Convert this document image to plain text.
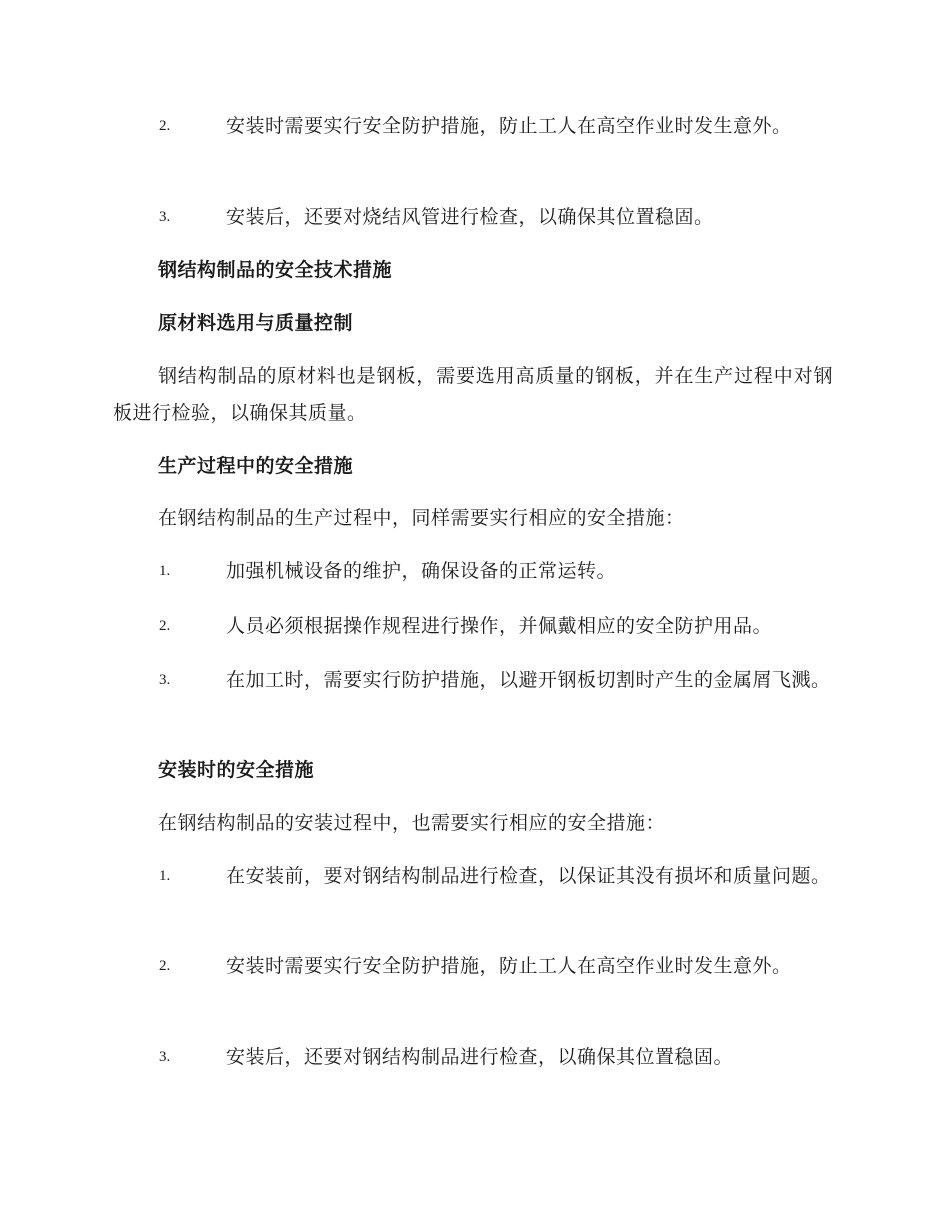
2.	安装时需要实行安全防护措施，防止工人在高空作业时发生意外。
3.	安装后，还要对烧结风管进行检查，以确保其位置稳固。
钢结构制品的安全技术措施
原材料选用与质量控制
钢结构制品的原材料也是钢板，需要选用高质量的钢板，并在生产过程中对钢板进行检验，以确保其质量。
生产过程中的安全措施
在钢结构制品的生产过程中，同样需要实行相应的安全措施：
1.	加强机械设备的维护，确保设备的正常运转。
2.	人员必须根据操作规程进行操作，并佩戴相应的安全防护用品。
3.	在加工时，需要实行防护措施，以避开钢板切割时产生的金属屑飞溅。
安装时的安全措施
在钢结构制品的安装过程中，也需要实行相应的安全措施：
1.	在安装前，要对钢结构制品进行检查，以保证其没有损坏和质量问题。
2.	安装时需要实行安全防护措施，防止工人在高空作业时发生意外。
3.	安装后，还要对钢结构制品进行检查，以确保其位置稳固。
